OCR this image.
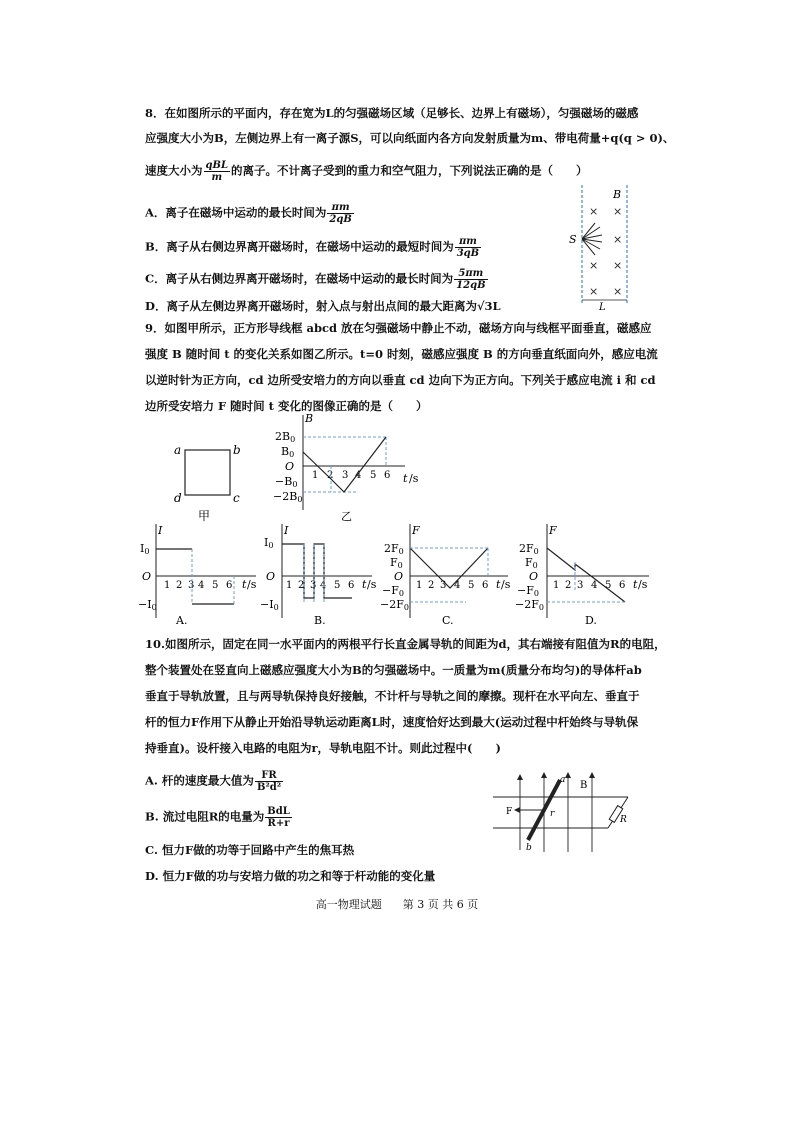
8．在如图所示的平面内，存在宽为L的匀强磁场区域（足够长、边界上有磁场），匀强磁场的磁感
应强度大小为B，左侧边界上有一离子源S，可以向纸面内各方向发射质量为m、带电荷量+q(q > 0)、
速度大小为 $\frac{\text{qBL}}{m}$ 的离子。不计离子受到的重力和空气阻力，下列说法正确的是（　　）
A．离子在磁场中运动的最长时间为 $\frac{\pi m}{2qB}$
B．离子从右侧边界离开磁场时，在磁场中运动的最短时间为 $\frac{\pi m}{3qB}$
C．离子从右侧边界离开磁场时，在磁场中运动的最长时间为 $\frac{5\pi m}{12qB}$
D．离子从左侧边界离开磁场时，射入点与射出点间的最大距离为√3L
B
× ×
×
× ×
× ×
S
L
9．如图甲所示，正方形导线框 abcd 放在匀强磁场中静止不动，磁场方向与线框平面垂直，磁感应
强度 B 随时间 t 的变化关系如图乙所示。t=0 时刻，磁感应强度 B 的方向垂直纸面向外，感应电流
以逆时针为正方向，cd 边所受安培力的方向以垂直 cd 边向下为正方向。下列关于感应电流 i 和 cd
边所受安培力 F 随时间 t 变化的图像正确的是（　　）
a	b
c
d
甲
B
2B0
B0
O
−B0
−2B0
t /s
乙
1 2 3 4 5 6
I
I0
O
−I0
1 2 3 4 5 6 t /s
A.
I
I0
O
−I0
1 2 3 4 5 6 t /s
B.
F
2F0
F0
O
−F0
−2F0
1 2 3 4 5 6 t /s
C.
F
2F0
F0
O
−F0
−2F0
1 2 3 4 5 6 t /s
D.
10.如图所示，固定在同一水平面内的两根平行长直金属导轨的间距为d，其右端接有阻值为R的电阻，
整个装置处在竖直向上磁感应强度大小为B的匀强磁场中。一质量为m(质量分布均匀)的导体杆ab
垂直于导轨放置，且与两导轨保持良好接触，不计杆与导轨之间的摩擦。现杆在水平向左、垂直于
杆的恒力F作用下从静止开始沿导轨运动距离L时，速度恰好达到最大(运动过程中杆始终与导轨保
持垂直)。设杆接入电路的电阻为r，导轨电阻不计。则此过程中(　　)
A. 杆的速度最大值为 $\frac{FR}{\text{B²d²}}$
B. 流过电阻R的电量为 $\frac{\text{BdL}}{R+r}$
C. 恒力F做的功等于回路中产生的焦耳热
D. 恒力F做的功与安培力做的功之和等于杆动能的变化量
R
B
a
b
r
F
高一物理试题 第 3 页 共 6 页
